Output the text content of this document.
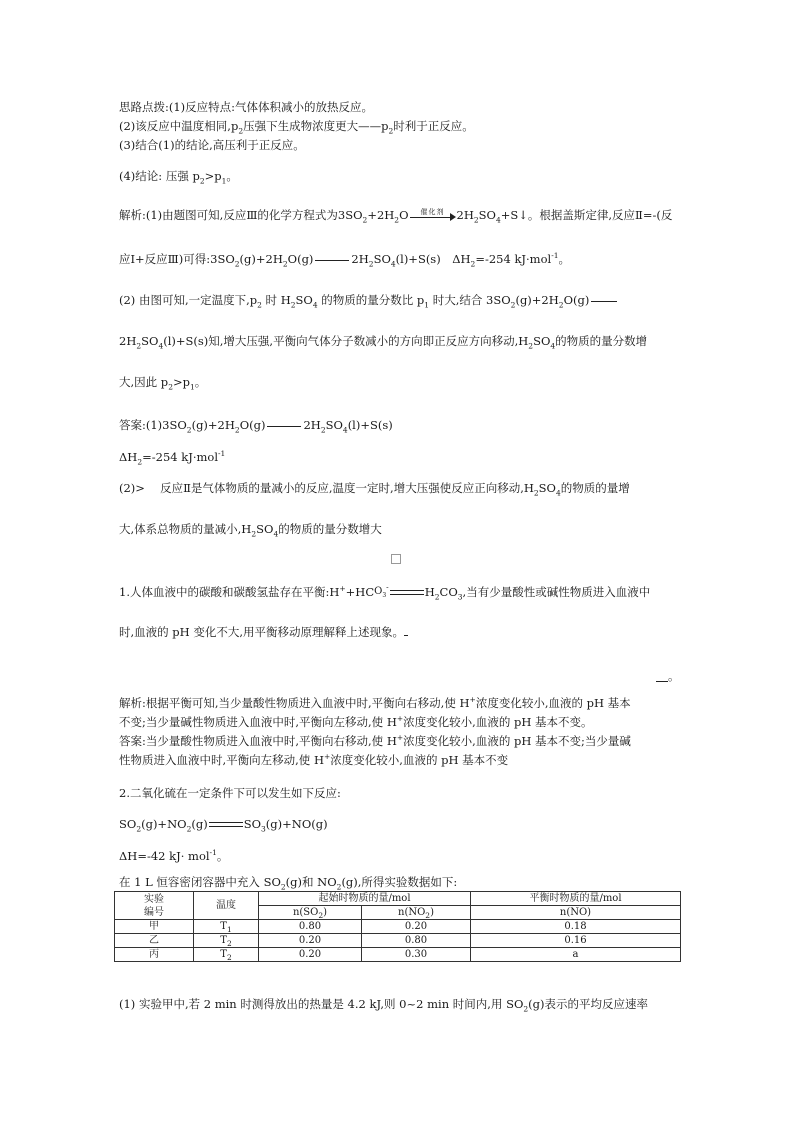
思路点拨:(1)反应特点:气体体积减小的放热反应。
(2)该反应中温度相同$,p_2$压强下生成物浓度更大$——p_2$时利于正反应。
(3)结合(1)的结论,高压利于正反应。
(4)结论: 压强 $p_2>p_1$。
解析:(1)由题图可知,反应Ⅲ的化学方程式为$3SO_2+2H_2O$	催化剂	$2H_2SO_4+S↓$。根据盖斯定律,反应Ⅱ=-(反
应Ⅰ+反应Ⅲ)可得$:3SO_2(g)+2H_2O(g)$	$2H_2SO_4(l)+S(s)$　$\Delta H_2=-254$ kJ·mol$^{-1}$。
(2) 由图可知,一定温度下$,p_2$ 时 $H_2SO_4$ 的物质的量分数比 $p_1$ 时大,结合 $3SO_2(g)+2H_2O(g)$
$2H_2SO_4(l)+S(s)$知,增大压强,平衡向气体分子数减小的方向即正反应方向移动$,H_2SO_4$的物质的量分数增
大,因此 $p_2>p_1$。
答案$:(1)3SO_2(g)+2H_2O(g)$	$2H_2SO_4(l)+S(s)$
$\Delta H_2=-254$ kJ·mol$^{-1}$
(2)>　 反应Ⅱ是气体物质的量减小的反应,温度一定时,增大压强使反应正向移动$,H_2SO_4$的物质的量增
大,体系总物质的量减小$,H_2SO_4$的物质的量分数增大
1.人体血液中的碳酸和碳酸氢盐存在平衡$:H^++HCO_3^-$	$H_2CO_3$,当有少量酸性或碱性物质进入血液中
时,血液的 pH 变化不大,用平衡移动原理解释上述现象。
。
解析:根据平衡可知,当少量酸性物质进入血液中时,平衡向右移动,使 H+浓度变化较小,血液的 pH 基本
不变;当少量碱性物质进入血液中时,平衡向左移动,使 H+浓度变化较小,血液的 pH 基本不变。
答案:当少量酸性物质进入血液中时,平衡向右移动,使 H+浓度变化较小,血液的 pH 基本不变;当少量碱
性物质进入血液中时,平衡向左移动,使 H+浓度变化较小,血液的 pH 基本不变
2.二氧化硫在一定条件下可以发生如下反应:
$SO_2(g)+NO_2(g)$	$SO_3(g)+NO(g)$
ΔH=-42 kJ· mol$^{-1}$。
在 1 L 恒容密闭容器中充入 $SO_2(g)$和 $NO_2(g)$,所得实验数据如下:
实验
编号	温度	起始时物质的量/mol		平衡时物质的量/mol
		$n(SO_2)$	$n(NO_2)$	n(NO)
甲	$T_1$	0.80	0.20	0.18
乙	$T_2$	0.20	0.80	0.16
丙	$T_2$	0.20	0.30	a
(1) 实验甲中,若 2 min 时测得放出的热量是 4.2 kJ,则 0~2 min 时间内,用 $SO_2(g)$表示的平均反应速率
